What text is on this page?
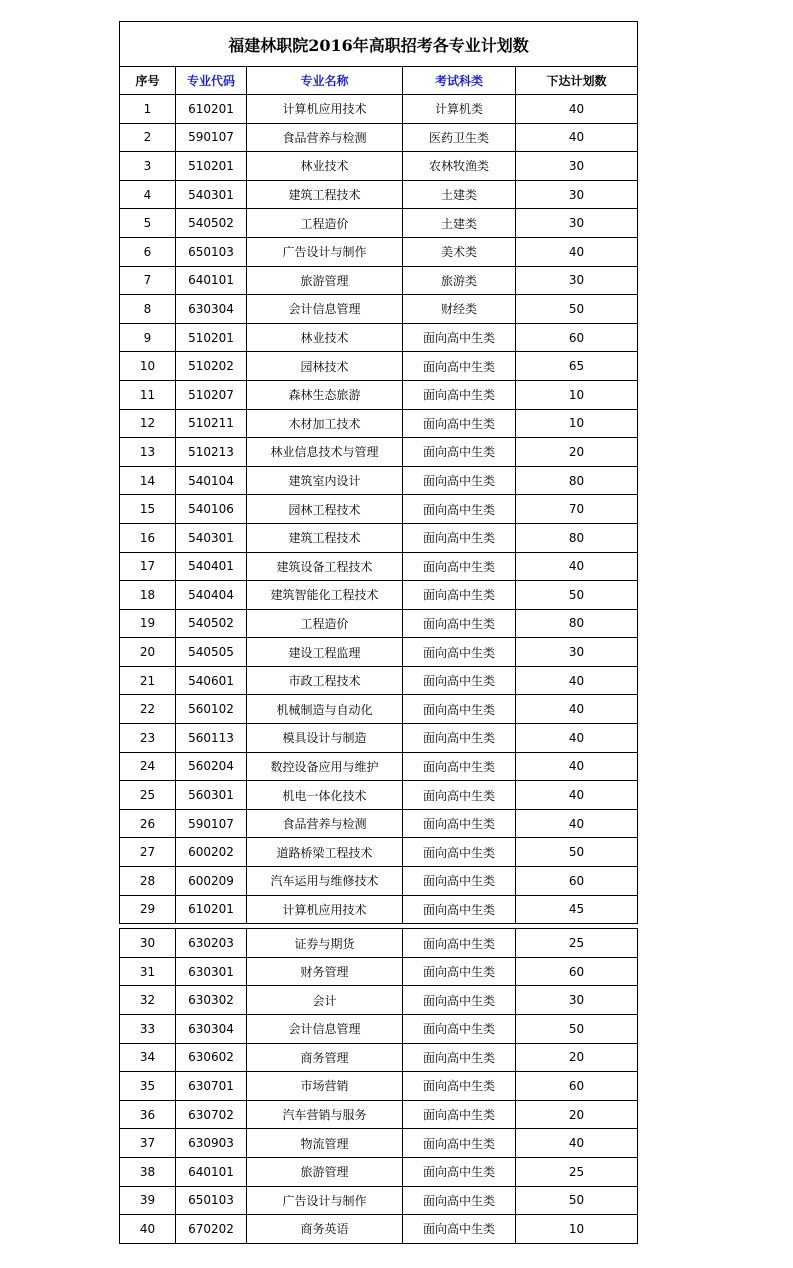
福建林职院2016年高职招考各专业计划数				
序号	专业代码	专业名称	考试科类	下达计划数
1	610201	计算机应用技术	计算机类	40
2	590107	食品营养与检测	医药卫生类	40
3	510201	林业技术	农林牧渔类	30
4	540301	建筑工程技术	土建类	30
5	540502	工程造价	土建类	30
6	650103	广告设计与制作	美术类	40
7	640101	旅游管理	旅游类	30
8	630304	会计信息管理	财经类	50
9	510201	林业技术	面向高中生类	60
10	510202	园林技术	面向高中生类	65
11	510207	森林生态旅游	面向高中生类	10
12	510211	木材加工技术	面向高中生类	10
13	510213	林业信息技术与管理	面向高中生类	20
14	540104	建筑室内设计	面向高中生类	80
15	540106	园林工程技术	面向高中生类	70
16	540301	建筑工程技术	面向高中生类	80
17	540401	建筑设备工程技术	面向高中生类	40
18	540404	建筑智能化工程技术	面向高中生类	50
19	540502	工程造价	面向高中生类	80
20	540505	建设工程监理	面向高中生类	30
21	540601	市政工程技术	面向高中生类	40
22	560102	机械制造与自动化	面向高中生类	40
23	560113	模具设计与制造	面向高中生类	40
24	560204	数控设备应用与维护	面向高中生类	40
25	560301	机电一体化技术	面向高中生类	40
26	590107	食品营养与检测	面向高中生类	40
27	600202	道路桥梁工程技术	面向高中生类	50
28	600209	汽车运用与维修技术	面向高中生类	60
29	610201	计算机应用技术	面向高中生类	45

30	630203	证券与期货	面向高中生类	25
31	630301	财务管理	面向高中生类	60
32	630302	会计	面向高中生类	30
33	630304	会计信息管理	面向高中生类	50
34	630602	商务管理	面向高中生类	20
35	630701	市场营销	面向高中生类	60
36	630702	汽车营销与服务	面向高中生类	20
37	630903	物流管理	面向高中生类	40
38	640101	旅游管理	面向高中生类	25
39	650103	广告设计与制作	面向高中生类	50
40	670202	商务英语	面向高中生类	10
